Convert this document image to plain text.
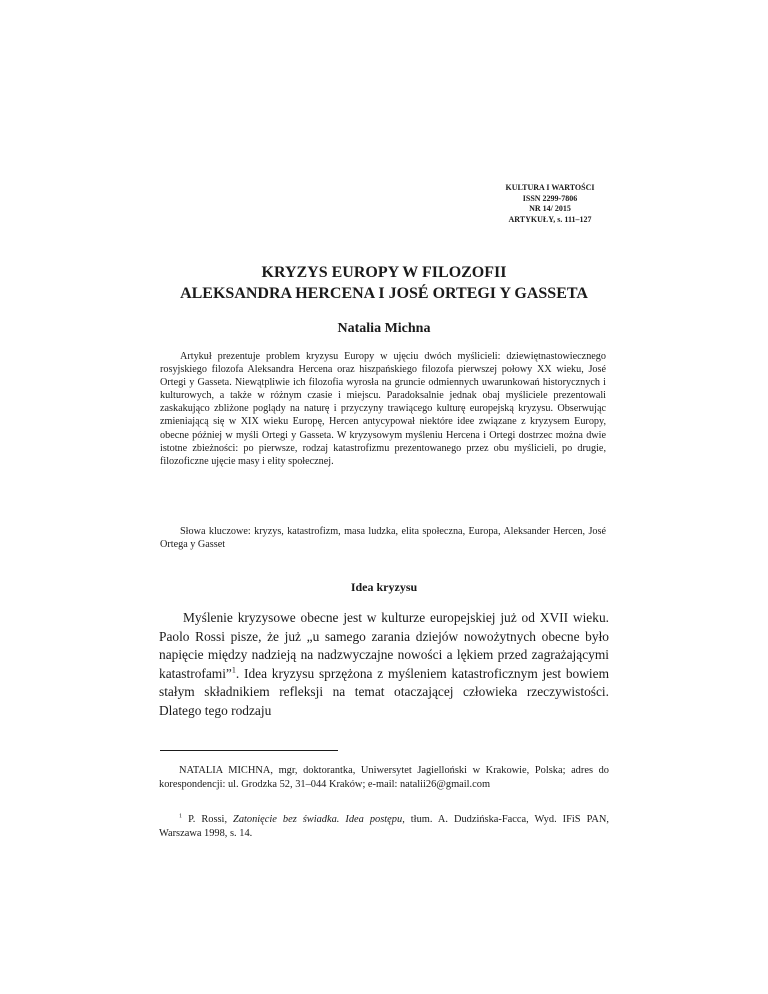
KULTURA I WARTOŚCI
ISSN 2299-7806
NR 14/ 2015
ARTYKUŁY, s. 111–127
KRYZYS EUROPY W FILOZOFII
ALEKSANDRA HERCENA I JOSÉ ORTEGI Y GASSETA
Natalia Michna

Artykuł prezentuje problem kryzysu Europy w ujęciu dwóch myślicieli: dziewiętnastowiecznego rosyjskiego filozofa Aleksandra Hercena oraz hiszpańskiego filozofa pierwszej połowy XX wieku, José Ortegi y Gasseta. Niewątpliwie ich filozofia wyrosła na gruncie odmiennych uwarunkowań historycznych i kulturowych, a także w różnym czasie i miejscu. Paradoksalnie jednak obaj myśliciele prezentowali zaskakująco zbliżone poglądy na naturę i przyczyny trawiącego kulturę europejską kryzysu. Obserwując zmieniającą się w XIX wieku Europę, Hercen antycypował niektóre idee związane z kryzysem Europy, obecne później w myśli Ortegi y Gasseta. W kryzysowym myśleniu Hercena i Ortegi dostrzec można dwie istotne zbieżności: po pierwsze, rodzaj katastrofizmu prezentowanego przez obu myślicieli, po drugie, filozoficzne ujęcie masy i elity społecznej.

Słowa kluczowe: kryzys, katastrofizm, masa ludzka, elita społeczna, Europa, Aleksander Hercen, José Ortega y Gasset

Idea kryzysu

Myślenie kryzysowe obecne jest w kulturze europejskiej już od XVII wieku. Paolo Rossi pisze, że już „u samego zarania dziejów nowożytnych obecne było napięcie między nadzieją na nadzwyczajne nowości a lękiem przed zagrażającymi katastrofami”$^1$. Idea kryzysu sprzężona z myśleniem katastroficznym jest bowiem stałym składnikiem refleksji na temat otaczającej człowieka rzeczywistości. Dlatego tego rodzaju

NATALIA MICHNA, mgr, doktorantka, Uniwersytet Jagielloński w Krakowie, Polska; adres do korespondencji: ul. Grodzka 52, 31–044 Kraków; e-mail: natalii26@gmail.com

$^1$ P. Rossi, Zatonięcie bez świadka. Idea postępu, tłum. A. Dudzińska-Facca, Wyd. IFiS PAN, Warszawa 1998, s. 14.
